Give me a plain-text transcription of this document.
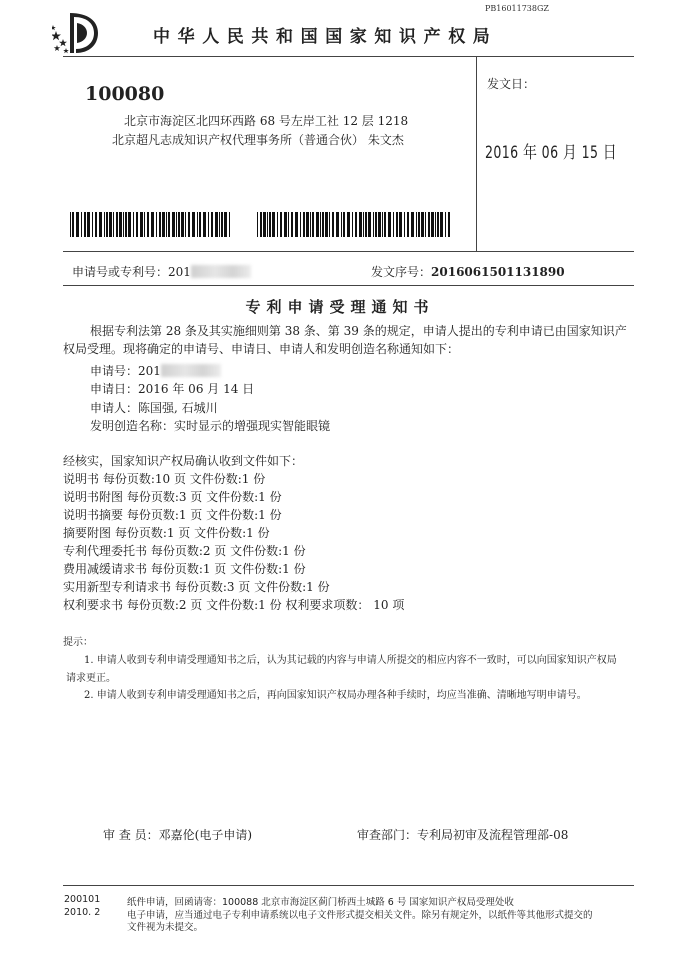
PB16011738GZ
中华人民共和国国家知识产权局
100080
北京市海淀区北四环西路 68 号左岸工社 12 层 1218
北京超凡志成知识产权代理事务所（普通合伙） 朱文杰
发文日：
2016 年 06 月 15 日
申请号或专利号：201	发文序号：2016061501131890
专利申请受理通知书
根据专利法第 28 条及其实施细则第 38 条、第 39 条的规定，申请人提出的专利申请已由国家知识产权局受理。现将确定的申请号、申请日、申请人和发明创造名称通知如下：
申请号：201
申请日：2016 年 06 月 14 日
申请人：陈国强, 石城川
发明创造名称：实时显示的增强现实智能眼镜
经核实，国家知识产权局确认收到文件如下：
说明书 每份页数:10 页 文件份数:1 份
说明书附图 每份页数:3 页 文件份数:1 份
说明书摘要 每份页数:1 页 文件份数:1 份
摘要附图 每份页数:1 页 文件份数:1 份
专利代理委托书 每份页数:2 页 文件份数:1 份
费用减缓请求书 每份页数:1 页 文件份数:1 份
实用新型专利请求书 每份页数:3 页 文件份数:1 份
权利要求书 每份页数:2 页 文件份数:1 份 权利要求项数： 10 项
提示：
1. 申请人收到专利申请受理通知书之后，认为其记载的内容与申请人所提交的相应内容不一致时，可以向国家知识产权局
请求更正。
2. 申请人收到专利申请受理通知书之后，再向国家知识产权局办理各种手续时，均应当准确、清晰地写明申请号。
审 查 员：邓嘉伦(电子申请)	审查部门：专利局初审及流程管理部-08
200101
2010. 2
纸件申请，回函请寄：100088 北京市海淀区蓟门桥西土城路 6 号 国家知识产权局受理处收
电子申请，应当通过电子专利申请系统以电子文件形式提交相关文件。除另有规定外，以纸件等其他形式提交的
文件视为未提交。
